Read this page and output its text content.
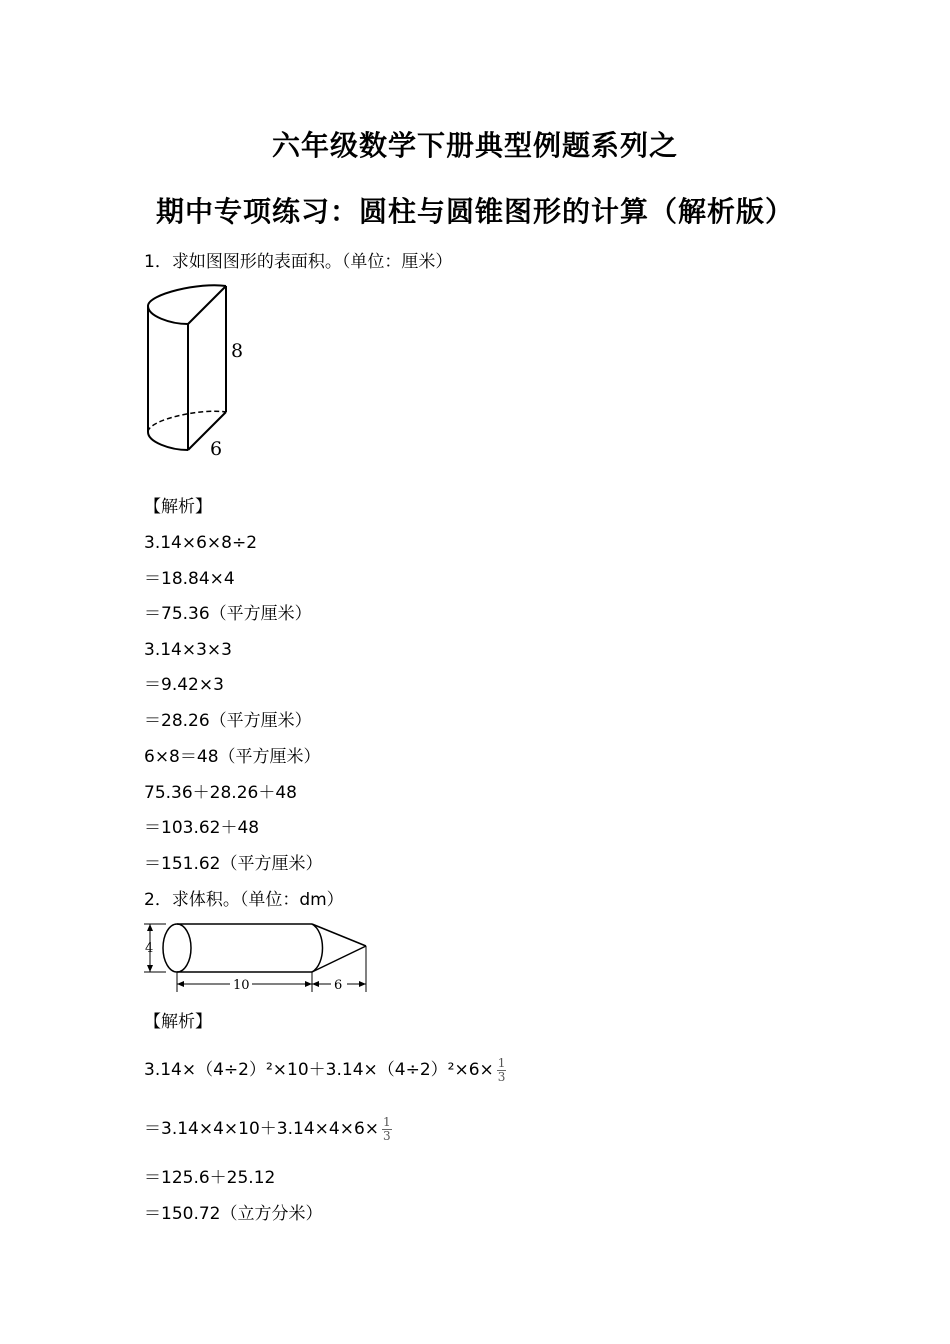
六年级数学下册典型例题系列之
期中专项练习：圆柱与圆锥图形的计算（解析版）
1．求如图图形的表面积。（单位：厘米）
8
6
【解析】
3.14×6×8÷2
＝18.84×4
＝75.36（平方厘米）
3.14×3×3
＝9.42×3
＝28.26（平方厘米）
6×8＝48（平方厘米）
75.36＋28.26＋48
＝103.62＋48
＝151.62（平方厘米）
2．求体积。（单位：dm）
4
10	6
【解析】
$3.14\times(4\div 2)^2\times 10+3.14\times(4\div 2)^2\times 6\times \frac{1}{3}$
$=3.14\times 4\times 10+3.14\times 4\times 6\times \frac{1}{3}$
＝125.6＋25.12
＝150.72（立方分米）
